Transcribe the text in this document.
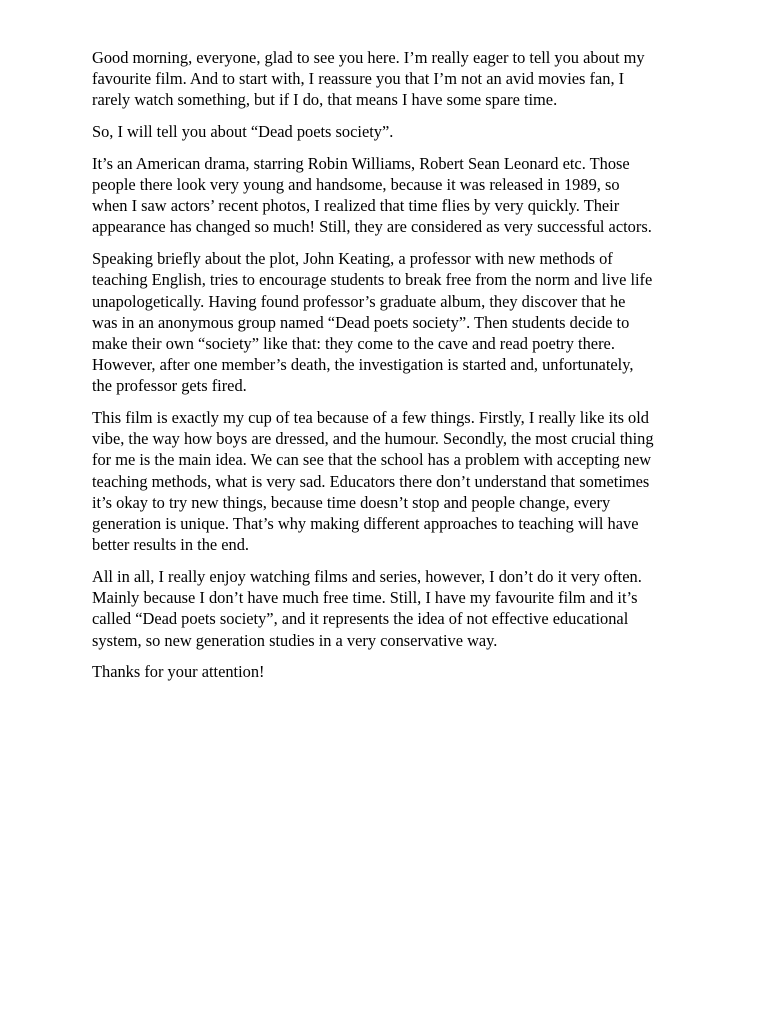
Good morning, everyone, glad to see you here. I’m really eager to tell you about my
favourite film. And to start with, I reassure you that I’m not an avid movies fan, I
rarely watch something, but if I do, that means I have some spare time.

So, I will tell you about “Dead poets society”.

It’s an American drama, starring Robin Williams, Robert Sean Leonard etc. Those
people there look very young and handsome, because it was released in 1989, so
when I saw actors’ recent photos, I realized that time flies by very quickly. Their
appearance has changed so much! Still, they are considered as very successful actors.

Speaking briefly about the plot, John Keating, a professor with new methods of
teaching English, tries to encourage students to break free from the norm and live life
unapologetically. Having found professor’s graduate album, they discover that he
was in an anonymous group named “Dead poets society”. Then students decide to
make their own “society” like that: they come to the cave and read poetry there.
However, after one member’s death, the investigation is started and, unfortunately,
the professor gets fired.

This film is exactly my cup of tea because of a few things. Firstly, I really like its old
vibe, the way how boys are dressed, and the humour. Secondly, the most crucial thing
for me is the main idea. We can see that the school has a problem with accepting new
teaching methods, what is very sad. Educators there don’t understand that sometimes
it’s okay to try new things, because time doesn’t stop and people change, every
generation is unique. That’s why making different approaches to teaching will have
better results in the end.

All in all, I really enjoy watching films and series, however, I don’t do it very often.
Mainly because I don’t have much free time. Still, I have my favourite film and it’s
called “Dead poets society”, and it represents the idea of not effective educational
system, so new generation studies in a very conservative way.

Thanks for your attention!
